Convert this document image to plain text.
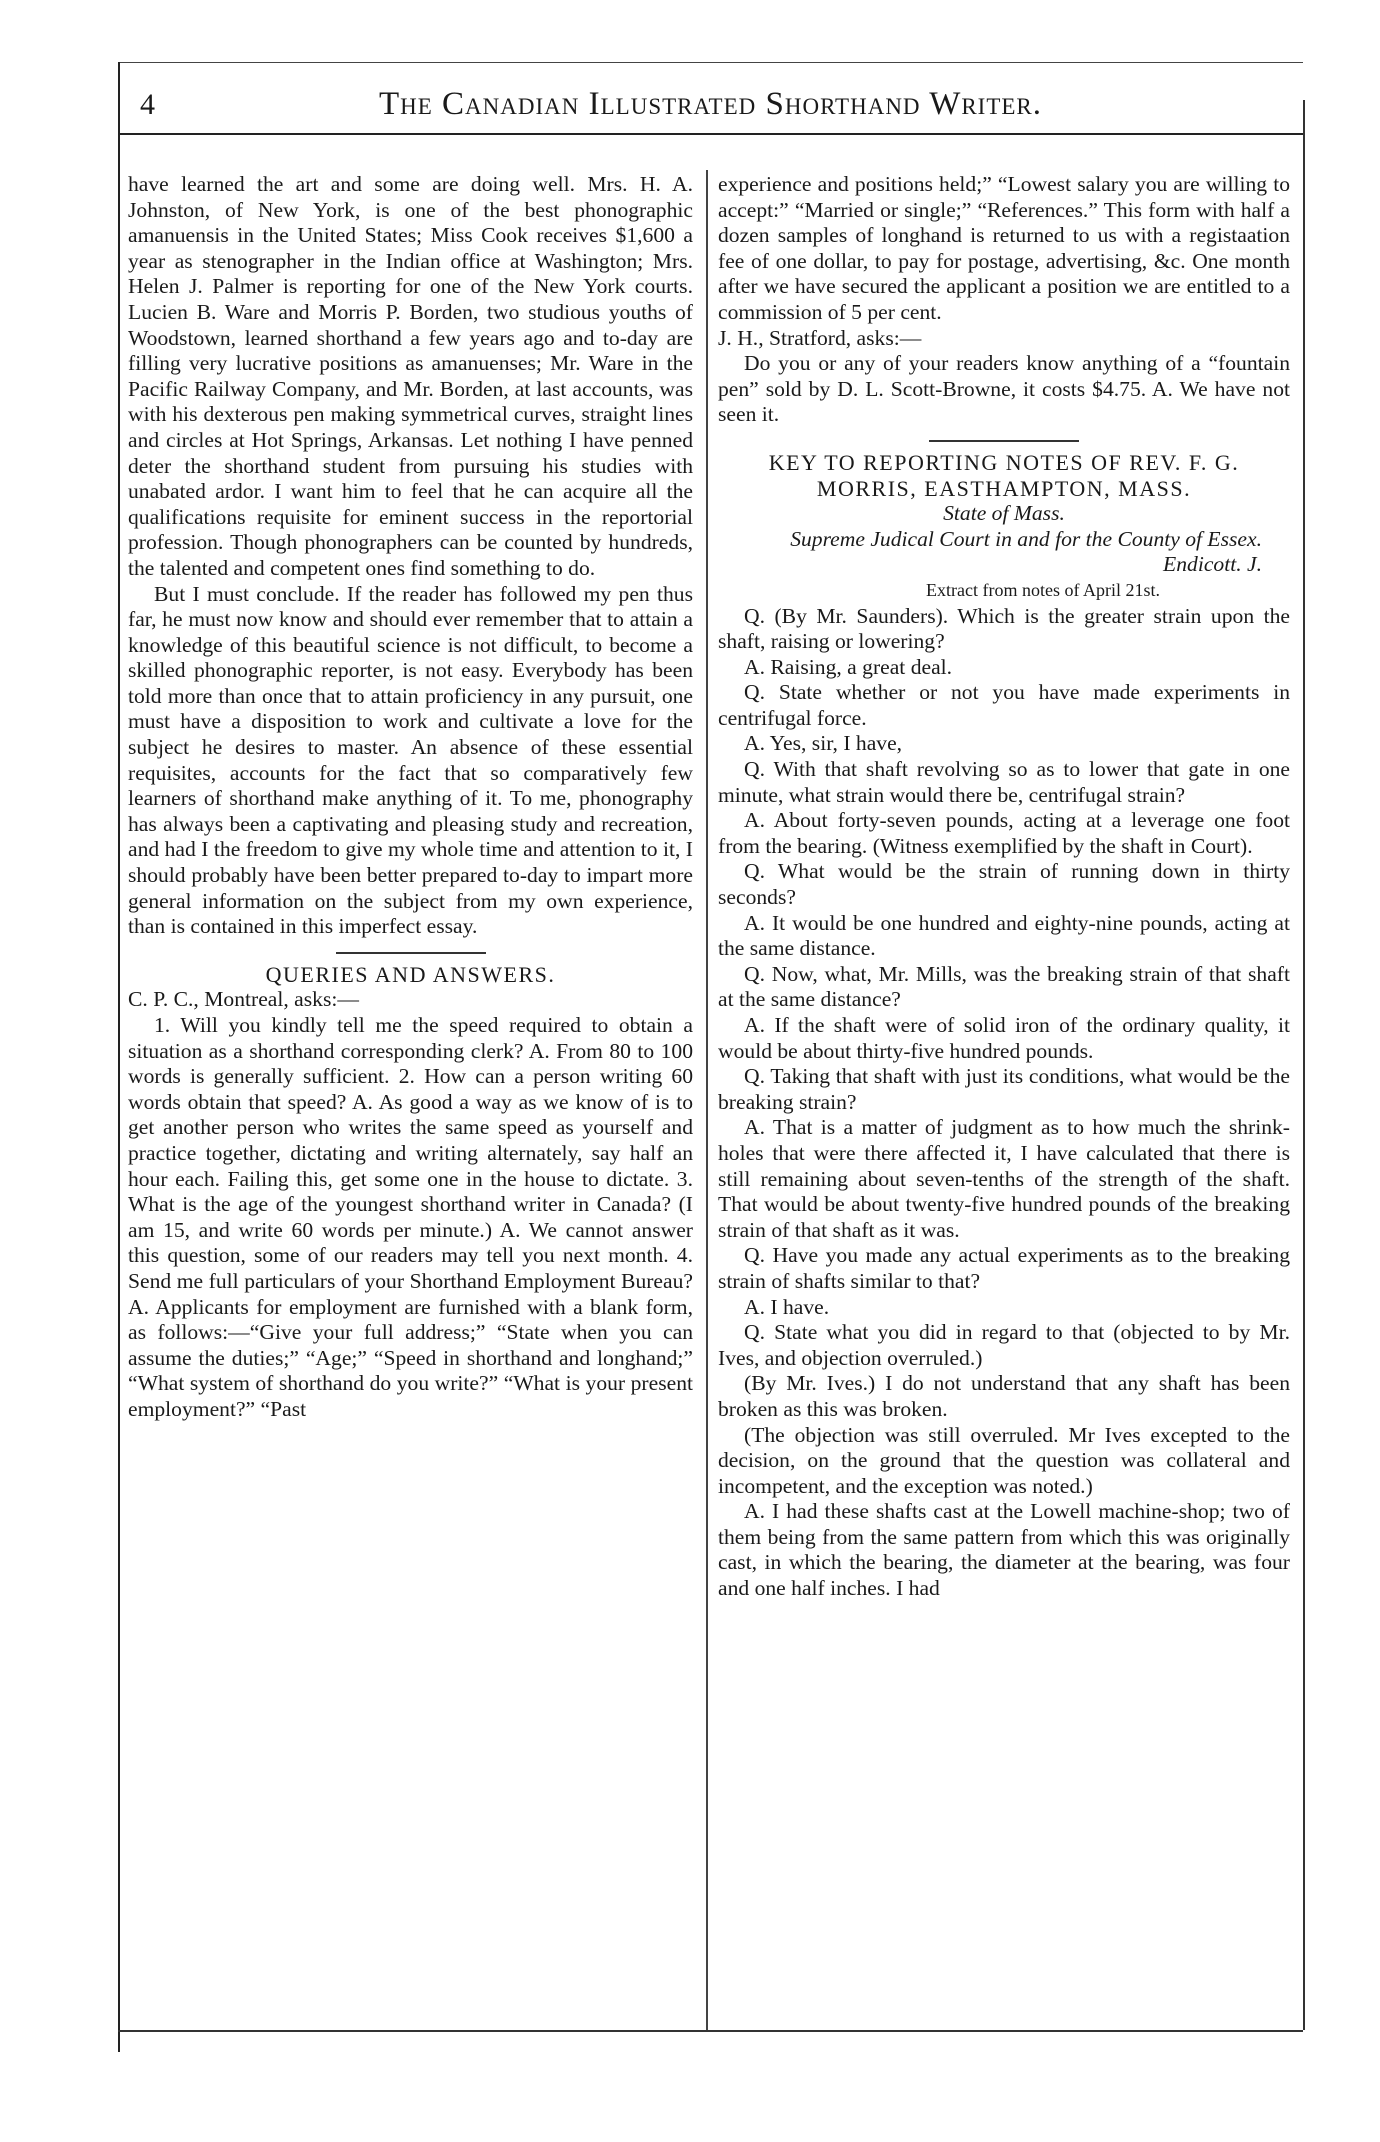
4	The Canadian Illustrated Shorthand Writer.

have learned the art and some are doing well. Mrs. H. A. Johnston, of New York, is one of the best phonographic amanuensis in the United States; Miss Cook receives $1,600 a year as stenographer in the Indian office at Washington; Mrs. Helen J. Palmer is reporting for one of the New York courts. Lucien B. Ware and Morris P. Borden, two studious youths of Woodstown, learned shorthand a few years ago and to-day are filling very lucrative positions as amanuenses; Mr. Ware in the Pacific Railway Company, and Mr. Borden, at last accounts, was with his dexterous pen making symmetrical curves, straight lines and circles at Hot Springs, Arkansas. Let nothing I have penned deter the shorthand student from pursuing his studies with unabated ardor. I want him to feel that he can acquire all the qualifications requisite for eminent success in the reportorial profession. Though phonographers can be counted by hundreds, the talented and competent ones find something to do.

But I must conclude. If the reader has followed my pen thus far, he must now know and should ever remember that to attain a knowledge of this beautiful science is not difficult, to become a skilled phonographic reporter, is not easy. Everybody has been told more than once that to attain proficiency in any pursuit, one must have a disposition to work and cultivate a love for the subject he desires to master. An absence of these essential requisites, accounts for the fact that so comparatively few learners of shorthand make anything of it. To me, phonography has always been a captivating and pleasing study and recreation, and had I the freedom to give my whole time and attention to it, I should probably have been better prepared to-day to impart more general information on the subject from my own experience, than is contained in this imperfect essay.

QUERIES AND ANSWERS.

C. P. C., Montreal, asks:—

1. Will you kindly tell me the speed required to obtain a situation as a shorthand corresponding clerk? A. From 80 to 100 words is generally sufficient. 2. How can a person writing 60 words obtain that speed? A. As good a way as we know of is to get another person who writes the same speed as yourself and practice together, dictating and writing alternately, say half an hour each. Failing this, get some one in the house to dictate. 3. What is the age of the youngest shorthand writer in Canada? (I am 15, and write 60 words per minute.) A. We cannot answer this question, some of our readers may tell you next month. 4. Send me full particulars of your Shorthand Employment Bureau? A. Applicants for employment are furnished with a blank form, as follows:—“Give your full address;” “State when you can assume the duties;” “Age;” “Speed in shorthand and longhand;” “What system of shorthand do you write?” “What is your present employment?” “Past

experience and positions held;” “Lowest salary you are willing to accept:” “Married or single;” “References.” This form with half a dozen samples of longhand is returned to us with a registaation fee of one dollar, to pay for postage, advertising, &c. One month after we have secured the applicant a position we are entitled to a commission of 5 per cent.

J. H., Stratford, asks:—

Do you or any of your readers know anything of a “fountain pen” sold by D. L. Scott-Browne, it costs $4.75. A. We have not seen it.

KEY TO REPORTING NOTES OF REV. F. G. MORRIS, EASTHAMPTON, MASS.

State of Mass.

Supreme Judical Court in and for the County of Essex. Endicott. J.

Extract from notes of April 21st.

Q. (By Mr. Saunders). Which is the greater strain upon the shaft, raising or lowering?

A. Raising, a great deal.

Q. State whether or not you have made experiments in centrifugal force.

A. Yes, sir, I have,

Q. With that shaft revolving so as to lower that gate in one minute, what strain would there be, centrifugal strain?

A. About forty-seven pounds, acting at a leverage one foot from the bearing. (Witness exemplified by the shaft in Court).

Q. What would be the strain of running down in thirty seconds?

A. It would be one hundred and eighty-nine pounds, acting at the same distance.

Q. Now, what, Mr. Mills, was the breaking strain of that shaft at the same distance?

A. If the shaft were of solid iron of the ordinary quality, it would be about thirty-five hundred pounds.

Q. Taking that shaft with just its conditions, what would be the breaking strain?

A. That is a matter of judgment as to how much the shrink-holes that were there affected it, I have calculated that there is still remaining about seven-tenths of the strength of the shaft. That would be about twenty-five hundred pounds of the breaking strain of that shaft as it was.

Q. Have you made any actual experiments as to the breaking strain of shafts similar to that?

A. I have.

Q. State what you did in regard to that (objected to by Mr. Ives, and objection overruled.)

(By Mr. Ives.) I do not understand that any shaft has been broken as this was broken.

(The objection was still overruled. Mr Ives excepted to the decision, on the ground that the question was collateral and incompetent, and the exception was noted.)

A. I had these shafts cast at the Lowell machine-shop; two of them being from the same pattern from which this was originally cast, in which the bearing, the diameter at the bearing, was four and one half inches. I had
